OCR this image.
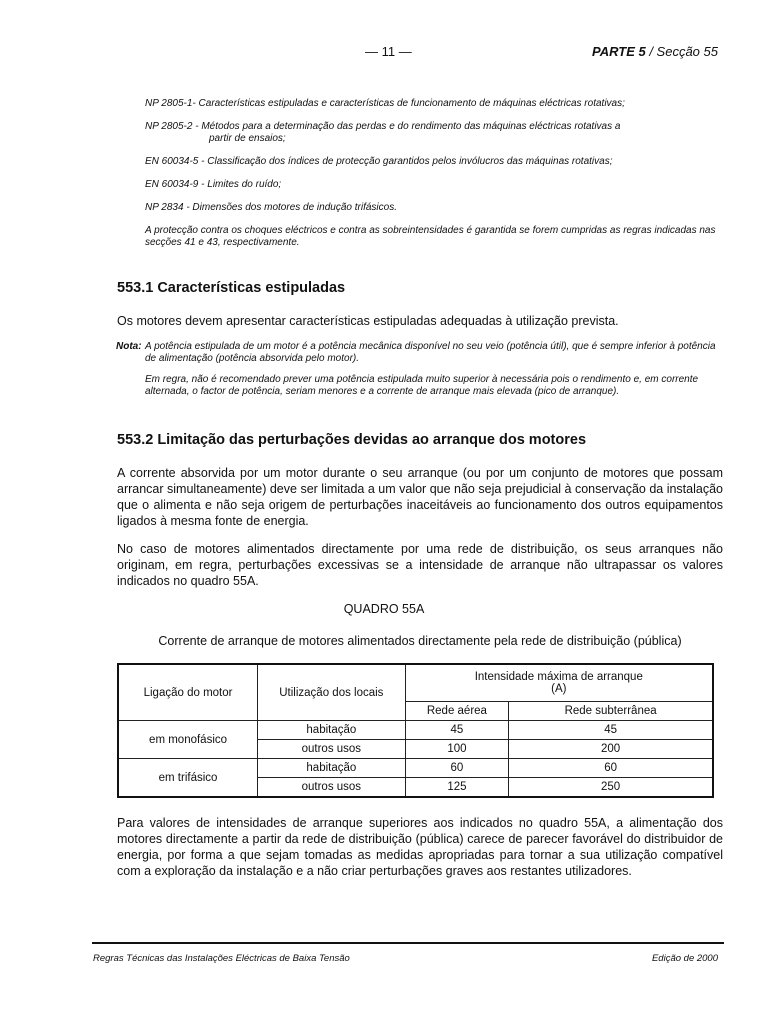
— 11 —	PARTE 5 / Secção 55

NP 2805-1- Características estipuladas e características de funcionamento de máquinas eléctricas rotativas;

NP 2805-2 - Métodos para a determinação das perdas e do rendimento das máquinas eléctricas rotativas a
partir de ensaios;

EN 60034-5 - Classificação dos índices de protecção garantidos pelos invólucros das máquinas rotativas;

EN 60034-9 - Limites do ruído;

NP 2834 - Dimensões dos motores de indução trifásicos.

A protecção contra os choques eléctricos e contra as sobreintensidades é garantida se forem cumpridas as regras indicadas nas secções 41 e 43, respectivamente.

553.1 Características estipuladas
Os motores devem apresentar características estipuladas adequadas à utilização prevista.
Nota: A potência estipulada de um motor é a potência mecânica disponível no seu veio (potência útil), que é sempre inferior à potência de alimentação (potência absorvida pelo motor).

Em regra, não é recomendado prever uma potência estipulada muito superior à necessária pois o rendimento e, em corrente alternada, o factor de potência, seriam menores e a corrente de arranque mais elevada (pico de arranque).

553.2 Limitação das perturbações devidas ao arranque dos motores
A corrente absorvida por um motor durante o seu arranque (ou por um conjunto de motores que possam arrancar simultaneamente) deve ser limitada a um valor que não seja prejudicial à conservação da instalação que o alimenta e não seja origem de perturbações inaceitáveis ao funcionamento dos outros equipamentos ligados à mesma fonte de energia.
No caso de motores alimentados directamente por uma rede de distribuição, os seus arranques não originam, em regra, perturbações excessivas se a intensidade de arranque não ultrapassar os valores indicados no quadro 55A.
QUADRO 55A
Corrente de arranque de motores alimentados directamente pela rede de distribuição (pública)
Ligação do motor	Utilização dos locais	Intensidade máxima de arranque
(A)	
		Rede aérea	Rede subterrânea
em monofásico	habitação	45	45
	outros usos	100	200
em trifásico	habitação	60	60
	outros usos	125	250
Para valores de intensidades de arranque superiores aos indicados no quadro 55A, a alimentação dos motores directamente a partir da rede de distribuição (pública) carece de parecer favorável do distribuidor de energia, por forma a que sejam tomadas as medidas apropriadas para tornar a sua utilização compatível com a exploração da instalação e a não criar perturbações graves aos restantes utilizadores.
Regras Técnicas das Instalações Eléctricas de Baixa Tensão	Edição de 2000
